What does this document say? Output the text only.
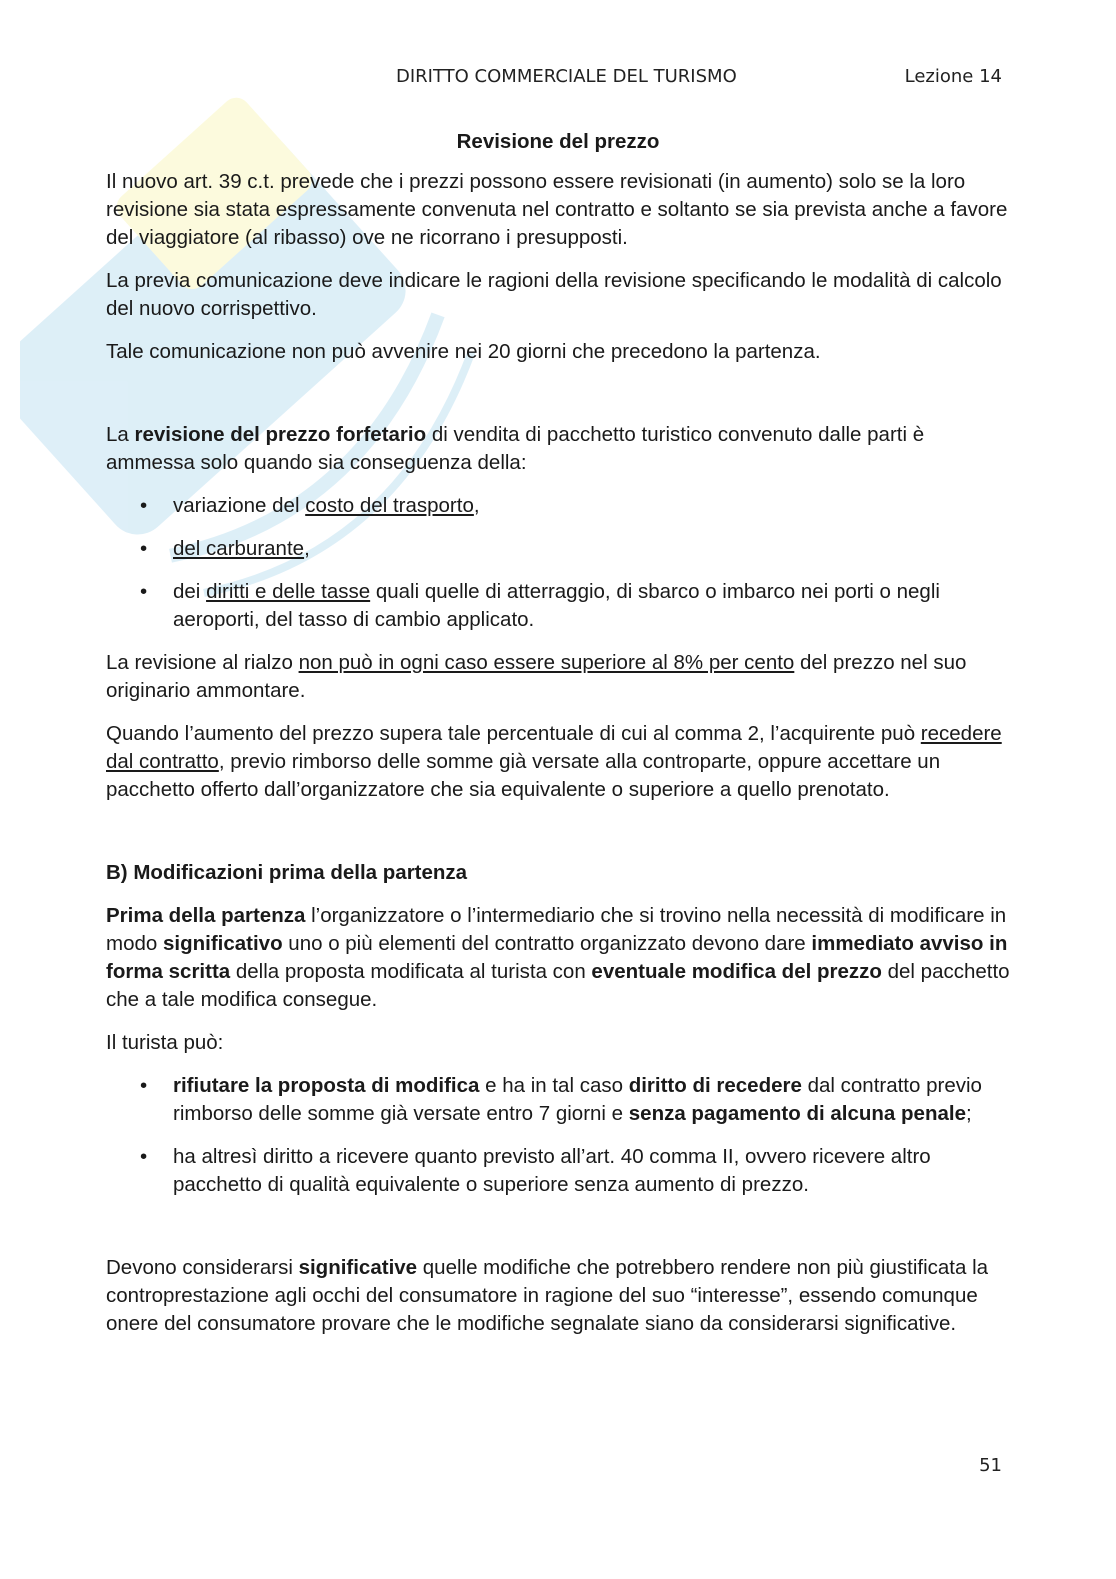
DIRITTO COMMERCIALE DEL TURISMO	Lezione 14

Revisione del prezzo

Il nuovo art. 39 c.t. prevede che i prezzi possono essere revisionati (in aumento) solo se la loro revisione sia stata espressamente convenuta nel contratto e soltanto se sia prevista anche a favore del viaggiatore (al ribasso) ove ne ricorrano i presupposti.

La previa comunicazione deve indicare le ragioni della revisione specificando le modalità di calcolo del nuovo corrispettivo.

Tale comunicazione non può avvenire nei 20 giorni che precedono la partenza.

La revisione del prezzo forfetario di vendita di pacchetto turistico convenuto dalle parti è ammessa solo quando sia conseguenza della:

• variazione del costo del trasporto,
• del carburante,
• dei diritti e delle tasse quali quelle di atterraggio, di sbarco o imbarco nei porti o negli aeroporti, del tasso di cambio applicato.

La revisione al rialzo non può in ogni caso essere superiore al 8% per cento del prezzo nel suo originario ammontare.

Quando l’aumento del prezzo supera tale percentuale di cui al comma 2, l’acquirente può recedere dal contratto, previo rimborso delle somme già versate alla controparte, oppure accettare un pacchetto offerto dall’organizzatore che sia equivalente o superiore a quello prenotato.

B) Modificazioni prima della partenza

Prima della partenza l’organizzatore o l’intermediario che si trovino nella necessità di modificare in modo significativo uno o più elementi del contratto organizzato devono dare immediato avviso in forma scritta della proposta modificata al turista con eventuale modifica del prezzo del pacchetto che a tale modifica consegue.

Il turista può:

• rifiutare la proposta di modifica e ha in tal caso diritto di recedere dal contratto previo rimborso delle somme già versate entro 7 giorni e senza pagamento di alcuna penale;
• ha altresì diritto a ricevere quanto previsto all’art. 40 comma II, ovvero ricevere altro pacchetto di qualità equivalente o superiore senza aumento di prezzo.

Devono considerarsi significative quelle modifiche che potrebbero rendere non più giustificata la controprestazione agli occhi del consumatore in ragione del suo “interesse”, essendo comunque onere del consumatore provare che le modifiche segnalate siano da considerarsi significative.

51
